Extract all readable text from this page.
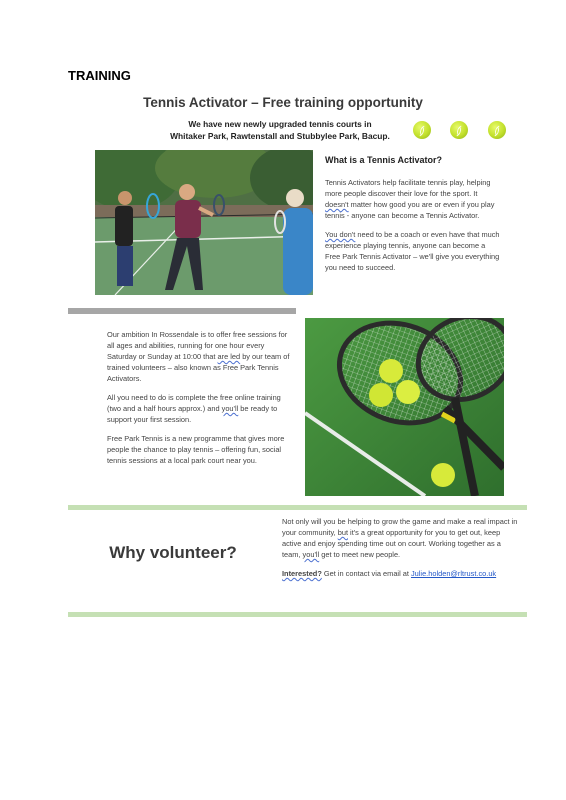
TRAINING
Tennis Activator – Free training opportunity
We have new newly upgraded tennis courts in
Whitaker Park, Rawtenstall and Stubbylee Park, Bacup.
What is a Tennis Activator?

Tennis Activators help facilitate tennis play, helping more people discover their love for the sport. It doesn't matter how good you are or even if you play tennis - anyone can become a Tennis Activator.

You don't need to be a coach or even have that much experience playing tennis, anyone can become a Free Park Tennis Activator – we'll give you everything you need to succeed.

Our ambition In Rossendale is to offer free sessions for all ages and abilities, running for one hour every Saturday or Sunday at 10:00 that are led by our team of trained volunteers – also known as Free Park Tennis Activators.

All you need to do is complete the free online training (two and a half hours approx.) and you'll be ready to support your first session.

Free Park Tennis is a new programme that gives more people the chance to play tennis – offering fun, social tennis sessions at a local park court near you.

Why volunteer?

Not only will you be helping to grow the game and make a real impact in your community, but it's a great opportunity for you to get out, keep active and enjoy spending time out on court. Working together as a team, you'll get to meet new people.

Interested? Get in contact via email at Julie.holden@rltrust.co.uk
